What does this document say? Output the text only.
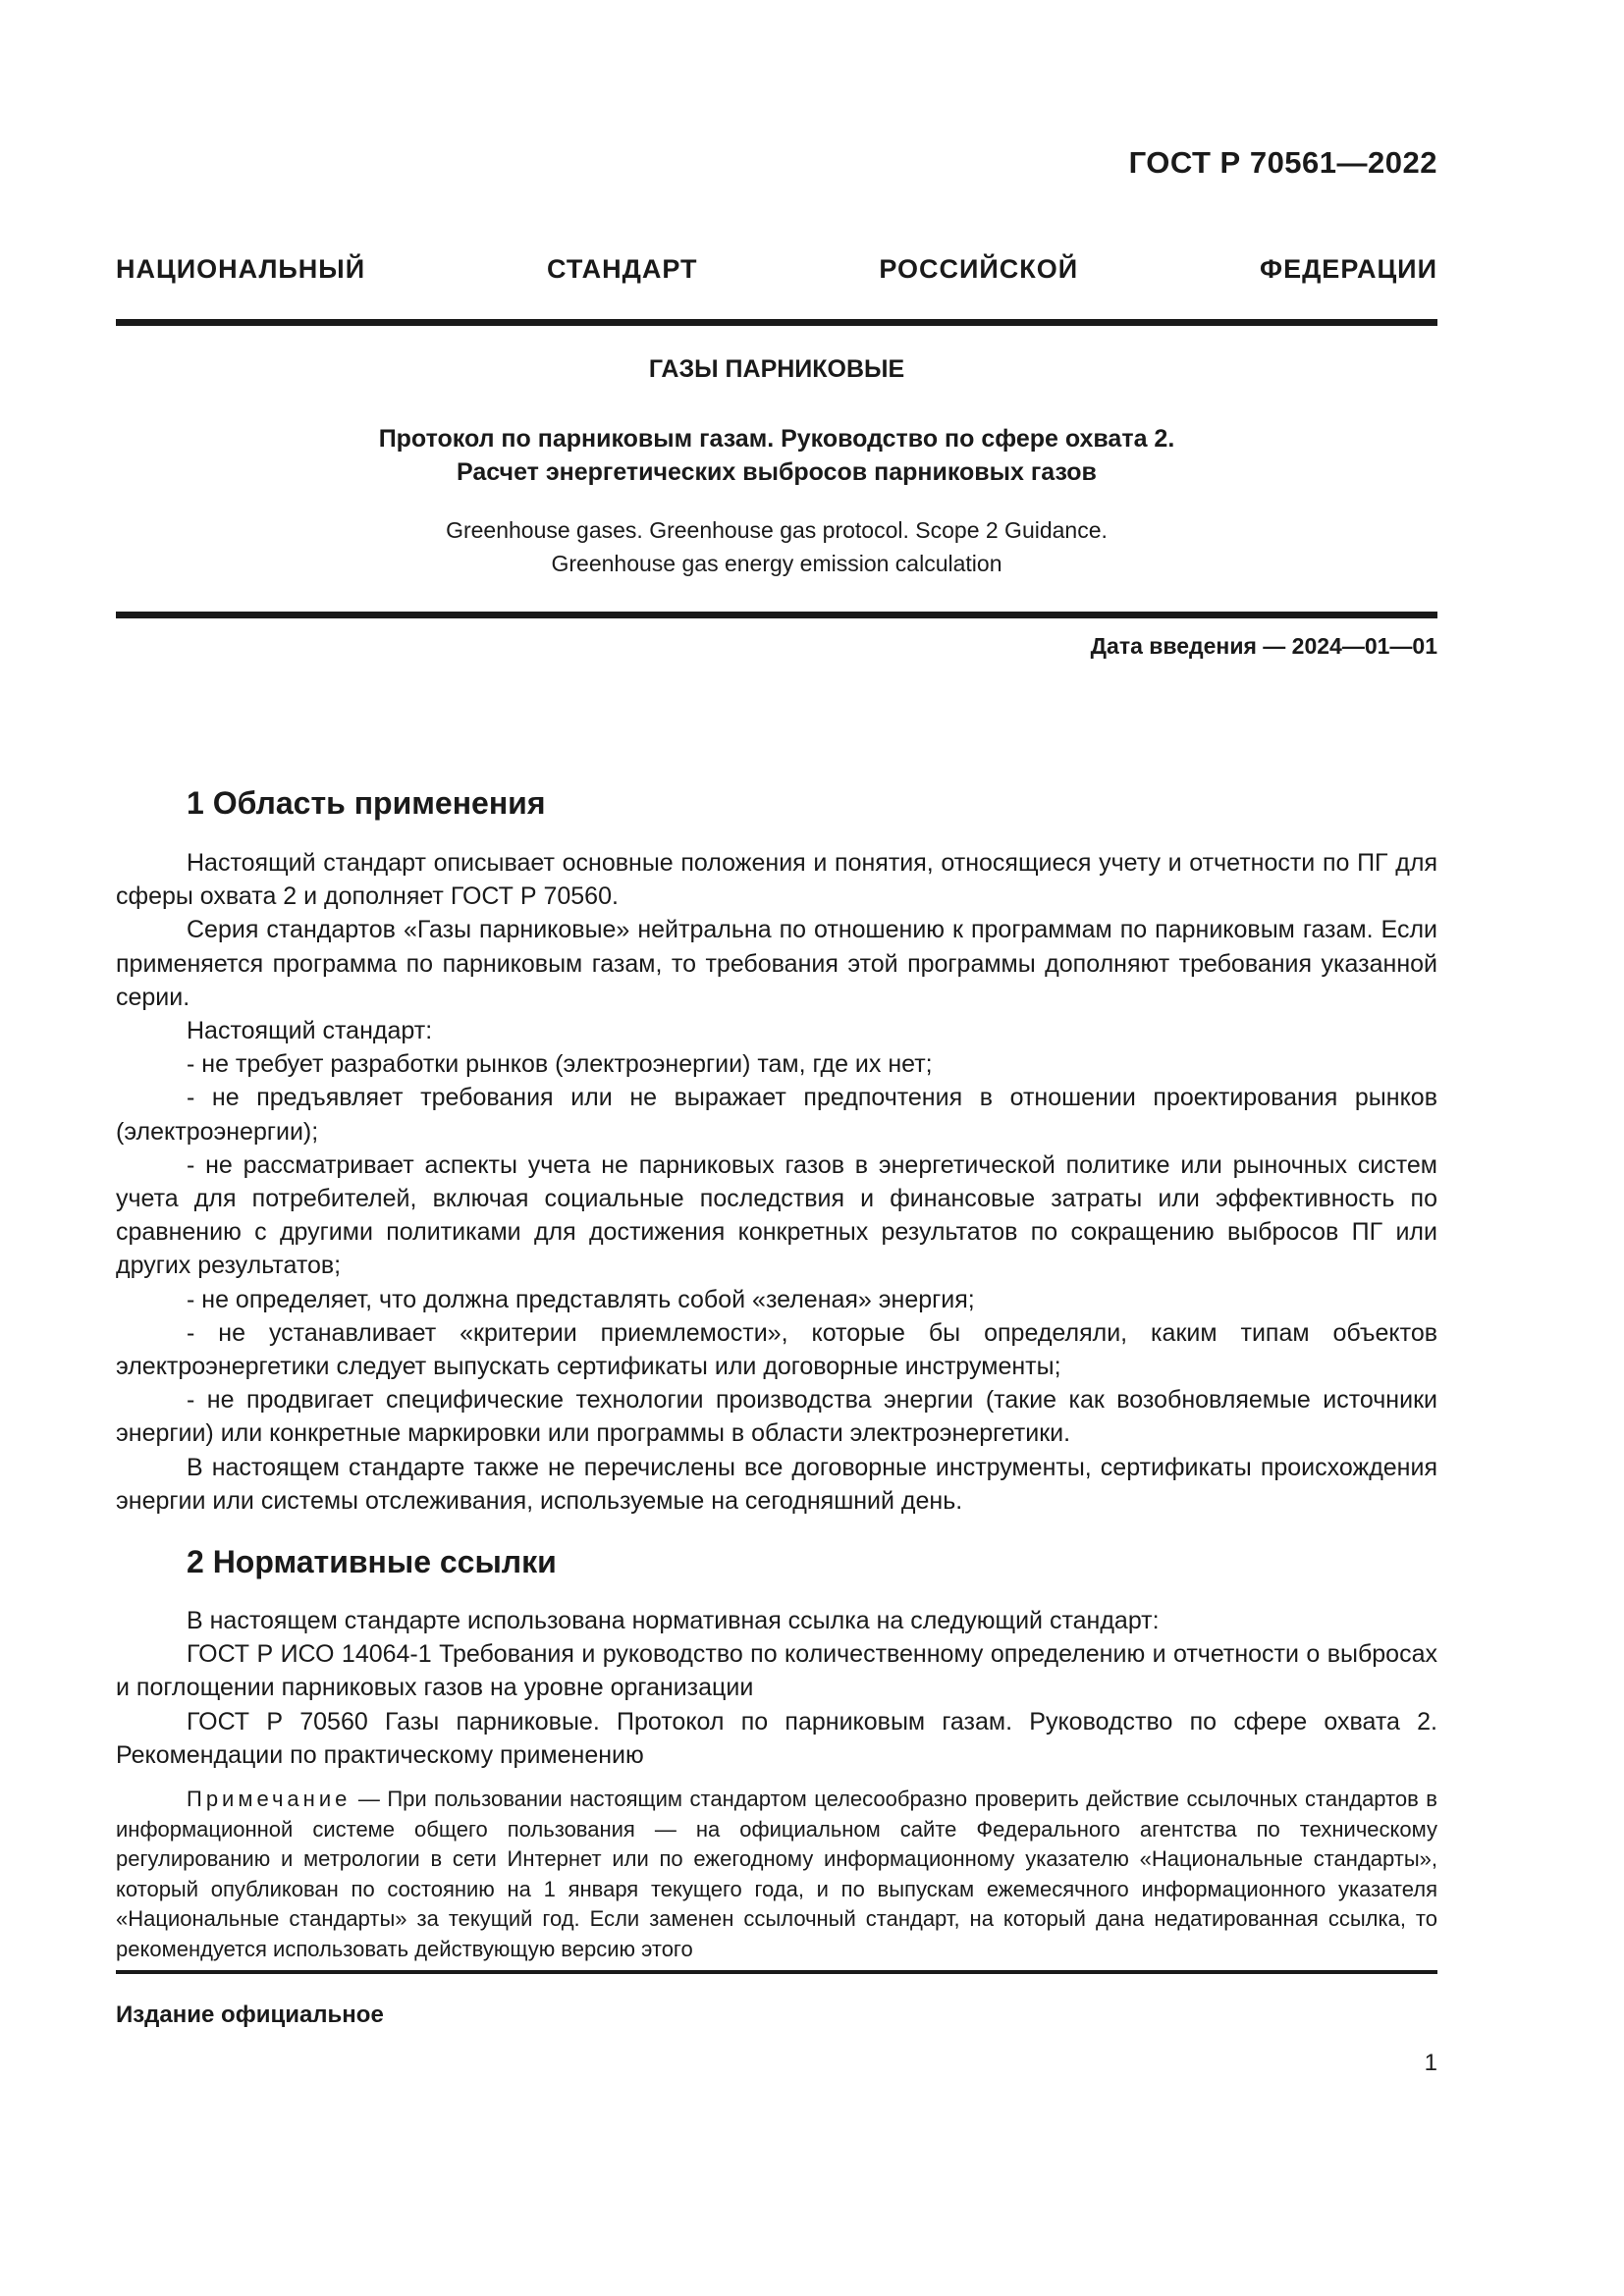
ГОСТ Р 70561—2022
НАЦИОНАЛЬНЫЙ СТАНДАРТ РОССИЙСКОЙ ФЕДЕРАЦИИ
ГАЗЫ ПАРНИКОВЫЕ
Протокол по парниковым газам. Руководство по сфере охвата 2.
Расчет энергетических выбросов парниковых газов
Greenhouse gases. Greenhouse gas protocol. Scope 2 Guidance.
Greenhouse gas energy emission calculation
Дата введения — 2024—01—01
1 Область применения

Настоящий стандарт описывает основные положения и понятия, относящиеся учету и отчетности по ПГ для сферы охвата 2 и дополняет ГОСТ Р 70560.

Серия стандартов «Газы парниковые» нейтральна по отношению к программам по парниковым газам. Если применяется программа по парниковым газам, то требования этой программы дополняют требования указанной серии.

Настоящий стандарт:

- не требует разработки рынков (электроэнергии) там, где их нет;

- не предъявляет требования или не выражает предпочтения в отношении проектирования рынков (электроэнергии);

- не рассматривает аспекты учета не парниковых газов в энергетической политике или рыночных систем учета для потребителей, включая социальные последствия и финансовые затраты или эффективность по сравнению с другими политиками для достижения конкретных результатов по сокращению выбросов ПГ или других результатов;

- не определяет, что должна представлять собой «зеленая» энергия;

- не устанавливает «критерии приемлемости», которые бы определяли, каким типам объектов электроэнергетики следует выпускать сертификаты или договорные инструменты;

- не продвигает специфические технологии производства энергии (такие как возобновляемые источники энергии) или конкретные маркировки или программы в области электроэнергетики.

В настоящем стандарте также не перечислены все договорные инструменты, сертификаты происхождения энергии или системы отслеживания, используемые на сегодняшний день.

2 Нормативные ссылки

В настоящем стандарте использована нормативная ссылка на следующий стандарт:

ГОСТ Р ИСО 14064-1 Требования и руководство по количественному определению и отчетности о выбросах и поглощении парниковых газов на уровне организации

ГОСТ Р 70560 Газы парниковые. Протокол по парниковым газам. Руководство по сфере охвата 2. Рекомендации по практическому применению

Примечание — При пользовании настоящим стандартом целесообразно проверить действие ссылочных стандартов в информационной системе общего пользования — на официальном сайте Федерального агентства по техническому регулированию и метрологии в сети Интернет или по ежегодному информационному указателю «Национальные стандарты», который опубликован по состоянию на 1 января текущего года, и по выпускам ежемесячного информационного указателя «Национальные стандарты» за текущий год. Если заменен ссылочный стандарт, на который дана недатированная ссылка, то рекомендуется использовать действующую версию этого
Издание официальное
1
